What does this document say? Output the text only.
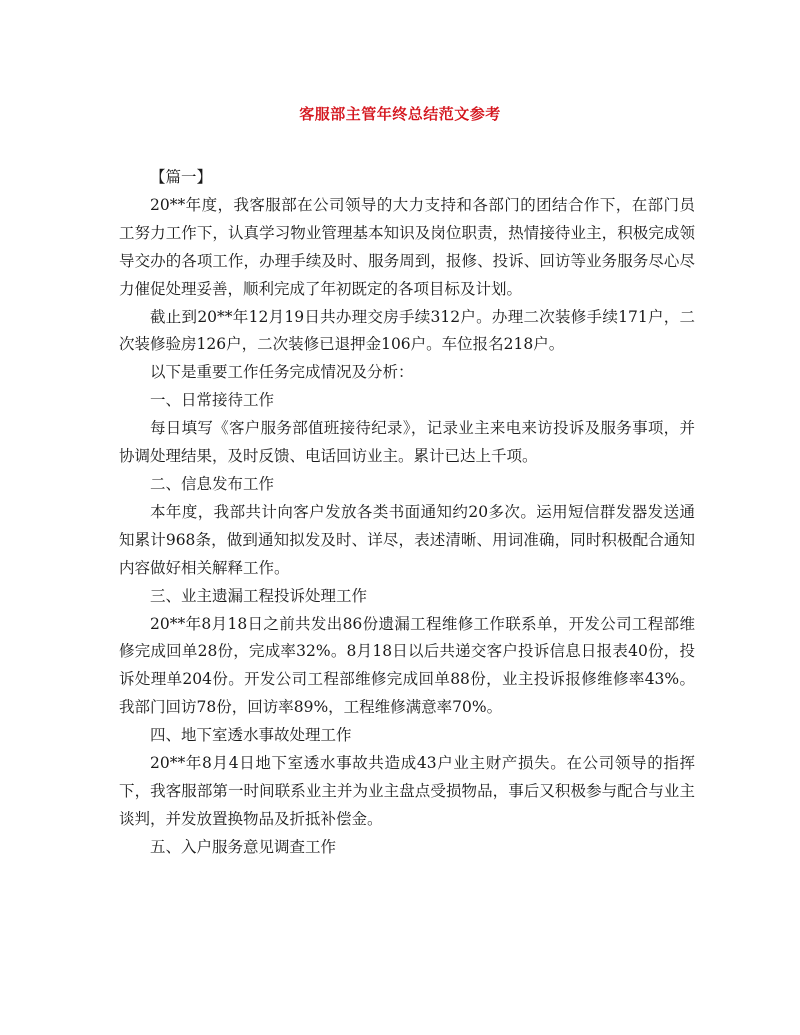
客服部主管年终总结范文参考

【篇一】

20**年度，我客服部在公司领导的大力支持和各部门的团结合作下，在部门员工努力工作下，认真学习物业管理基本知识及岗位职责，热情接待业主，积极完成领导交办的各项工作，办理手续及时、服务周到，报修、投诉、回访等业务服务尽心尽力催促处理妥善，顺利完成了年初既定的各项目标及计划。

截止到20**年12月19日共办理交房手续312户。办理二次装修手续171户，二次装修验房126户，二次装修已退押金106户。车位报名218户。

以下是重要工作任务完成情况及分析：

一、日常接待工作

每日填写《客户服务部值班接待纪录》，记录业主来电来访投诉及服务事项，并协调处理结果，及时反馈、电话回访业主。累计已达上千项。

二、信息发布工作

本年度，我部共计向客户发放各类书面通知约20多次。运用短信群发器发送通知累计968条，做到通知拟发及时、详尽，表述清晰、用词准确，同时积极配合通知内容做好相关解释工作。

三、业主遗漏工程投诉处理工作

20**年8月18日之前共发出86份遗漏工程维修工作联系单，开发公司工程部维修完成回单28份，完成率32%。8月18日以后共递交客户投诉信息日报表40份，投诉处理单204份。开发公司工程部维修完成回单88份，业主投诉报修维修率43%。我部门回访78份，回访率89%，工程维修满意率70%。

四、地下室透水事故处理工作

20**年8月4日地下室透水事故共造成43户业主财产损失。在公司领导的指挥下，我客服部第一时间联系业主并为业主盘点受损物品，事后又积极参与配合与业主谈判，并发放置换物品及折抵补偿金。

五、入户服务意见调查工作
